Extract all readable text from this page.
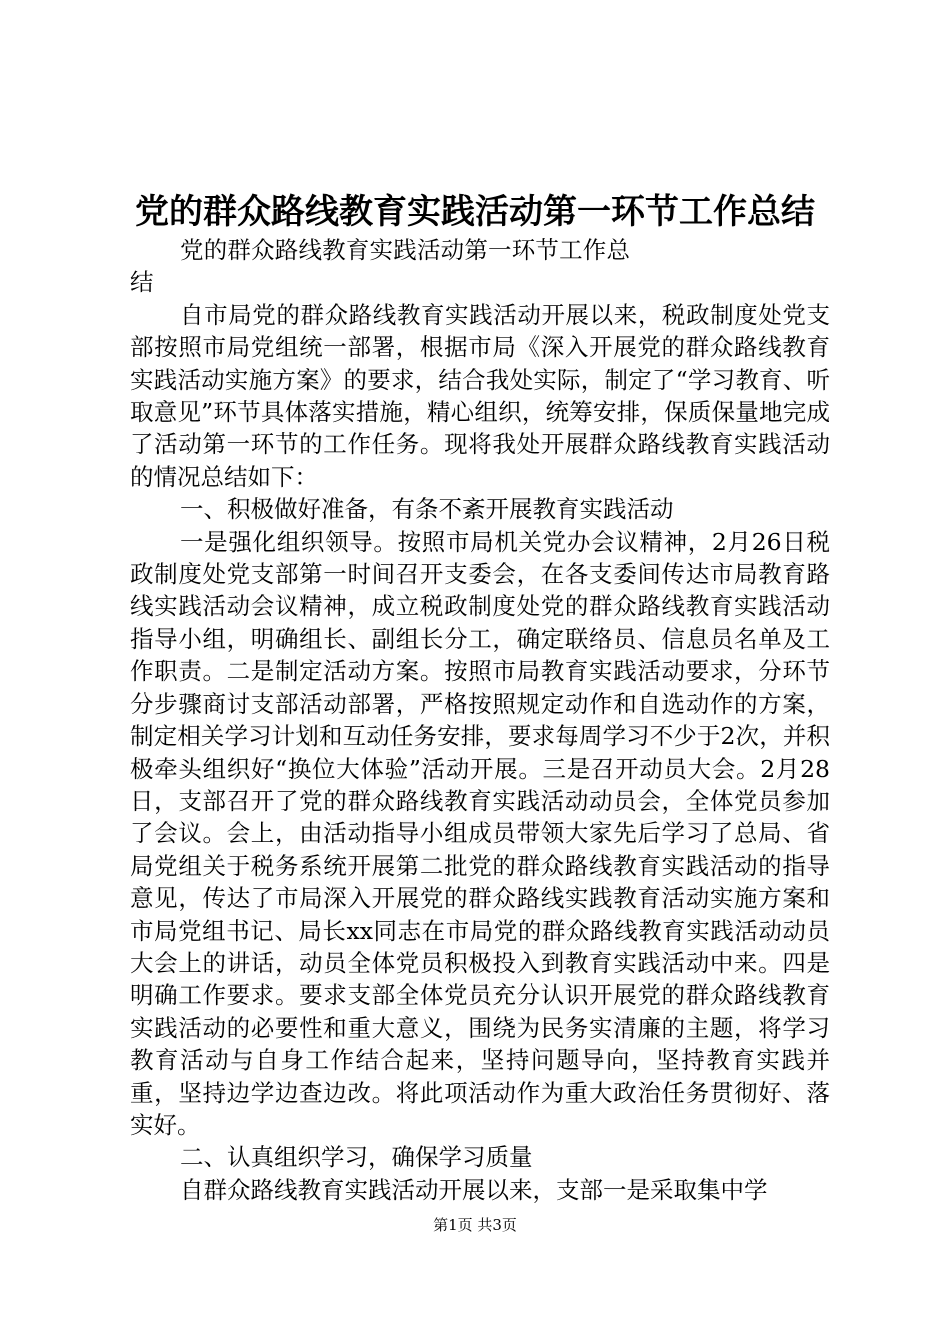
党的群众路线教育实践活动第一环节工作总结

党的群众路线教育实践活动第一环节工作总结

自市局党的群众路线教育实践活动开展以来，税政制度处党支部按照市局党组统一部署，根据市局《深入开展党的群众路线教育实践活动实施方案》的要求，结合我处实际，制定了“学习教育、听取意见”环节具体落实措施，精心组织，统筹安排，保质保量地完成了活动第一环节的工作任务。现将我处开展群众路线教育实践活动的情况总结如下：

一、积极做好准备，有条不紊开展教育实践活动

一是强化组织领导。按照市局机关党办会议精神，2月26日税政制度处党支部第一时间召开支委会，在各支委间传达市局教育路线实践活动会议精神，成立税政制度处党的群众路线教育实践活动指导小组，明确组长、副组长分工，确定联络员、信息员名单及工作职责。二是制定活动方案。按照市局教育实践活动要求，分环节分步骤商讨支部活动部署，严格按照规定动作和自选动作的方案，制定相关学习计划和互动任务安排，要求每周学习不少于2次，并积极牵头组织好“换位大体验”活动开展。三是召开动员大会。2月28日，支部召开了党的群众路线教育实践活动动员会，全体党员参加了会议。会上，由活动指导小组成员带领大家先后学习了总局、省局党组关于税务系统开展第二批党的群众路线教育实践活动的指导意见，传达了市局深入开展党的群众路线实践教育活动实施方案和市局党组书记、局长xx同志在市局党的群众路线教育实践活动动员大会上的讲话，动员全体党员积极投入到教育实践活动中来。四是明确工作要求。要求支部全体党员充分认识开展党的群众路线教育实践活动的必要性和重大意义，围绕为民务实清廉的主题，将学习教育活动与自身工作结合起来，坚持问题导向，坚持教育实践并重，坚持边学边查边改。将此项活动作为重大政治任务贯彻好、落实好。

二、认真组织学习，确保学习质量

自群众路线教育实践活动开展以来，支部一是采取集中学

第1页 共3页
